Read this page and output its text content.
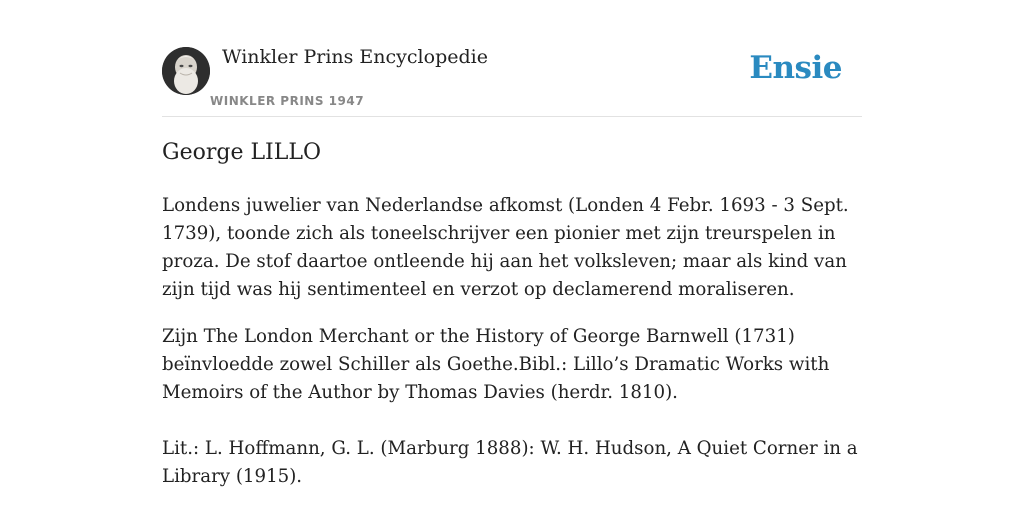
Winkler Prins Encyclopedie
WINKLER PRINS 1947
Ensie
George LILLO

Londens juwelier van Nederlandse afkomst (Londen 4 Febr. 1693 - 3 Sept. 1739), toonde zich als toneelschrijver een pionier met zijn treurspelen in proza. De stof daartoe ontleende hij aan het volksleven; maar als kind van zijn tijd was hij sentimenteel en verzot op declamerend moraliseren.

Zijn The London Merchant or the History of George Barnwell (1731) beïnvloedde zowel Schiller als Goethe.Bibl.: Lillo’s Dramatic Works with Memoirs of the Author by Thomas Davies (herdr. 1810).

Lit.: L. Hoffmann, G. L. (Marburg 1888): W. H. Hudson, A Quiet Corner in a Library (1915).
